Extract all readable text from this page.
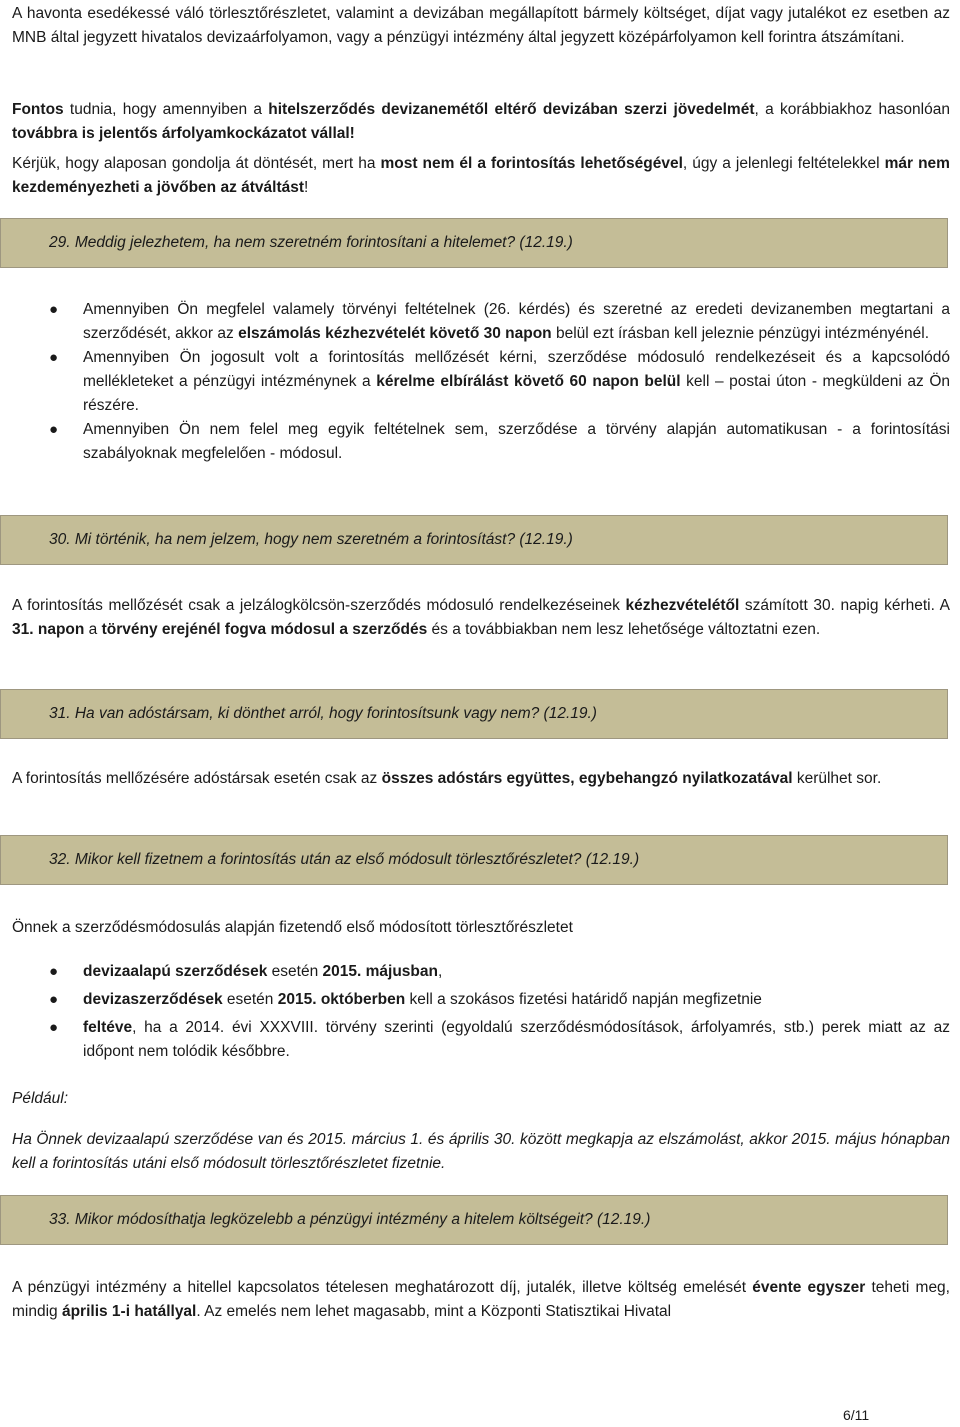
A havonta esedékessé váló törlesztőrészletet, valamint a devizában megállapított bármely költséget, díjat vagy jutalékot ez esetben az MNB által jegyzett hivatalos devizaárfolyamon, vagy a pénzügyi intézmény által jegyzett középárfolyamon kell forintra átszámítani.

Fontos tudnia, hogy amennyiben a hitelszerződés devizanemétől eltérő devizában szerzi jövedelmét, a korábbiakhoz hasonlóan továbbra is jelentős árfolyamkockázatot vállal!

Kérjük, hogy alaposan gondolja át döntését, mert ha most nem él a forintosítás lehetőségével, úgy a jelenlegi feltételekkel már nem kezdeményezheti a jövőben az átváltást!

29. Meddig jelezhetem, ha nem szeretném forintosítani a hitelemet? (12.19.)
● Amennyiben Ön megfelel valamely törvényi feltételnek (26. kérdés) és szeretné az eredeti devizanemben megtartani a szerződését, akkor az elszámolás kézhezvételét követő 30 napon belül ezt írásban kell jeleznie pénzügyi intézményénél.
● Amennyiben Ön jogosult volt a forintosítás mellőzését kérni, szerződése módosuló rendelkezéseit és a kapcsolódó mellékleteket a pénzügyi intézménynek a kérelme elbírálást követő 60 napon belül kell – postai úton - megküldeni az Ön részére.
● Amennyiben Ön nem felel meg egyik feltételnek sem, szerződése a törvény alapján automatikusan - a forintosítási szabályoknak megfelelően - módosul.
30. Mi történik, ha nem jelzem, hogy nem szeretném a forintosítást? (12.19.)

A forintosítás mellőzését csak a jelzálogkölcsön-szerződés módosuló rendelkezéseinek kézhezvételétől számított 30. napig kérheti. A 31. napon a törvény erejénél fogva módosul a szerződés és a továbbiakban nem lesz lehetősége változtatni ezen.

31. Ha van adóstársam, ki dönthet arról, hogy forintosítsunk vagy nem? (12.19.)

A forintosítás mellőzésére adóstársak esetén csak az összes adóstárs együttes, egybehangzó nyilatkozatával kerülhet sor.

32. Mikor kell fizetnem a forintosítás után az első módosult törlesztőrészletet? (12.19.)

Önnek a szerződésmódosulás alapján fizetendő első módosított törlesztőrészletet

● devizaalapú szerződések esetén 2015. májusban,
● devizaszerződések esetén 2015. októberben kell a szokásos fizetési határidő napján megfizetnie
● feltéve, ha a 2014. évi XXXVIII. törvény szerinti (egyoldalú szerződésmódosítások, árfolyamrés, stb.) perek miatt az az időpont nem tolódik későbbre.

Például:

Ha Önnek devizaalapú szerződése van és 2015. március 1. és április 30. között megkapja az elszámolást, akkor 2015. május hónapban kell a forintosítás utáni első módosult törlesztőrészletet fizetnie.

33. Mikor módosíthatja legközelebb a pénzügyi intézmény a hitelem költségeit? (12.19.)

A pénzügyi intézmény a hitellel kapcsolatos tételesen meghatározott díj, jutalék, illetve költség emelését évente egyszer teheti meg, mindig április 1-i hatállyal. Az emelés nem lehet magasabb, mint a Központi Statisztikai Hivatal

6/11
